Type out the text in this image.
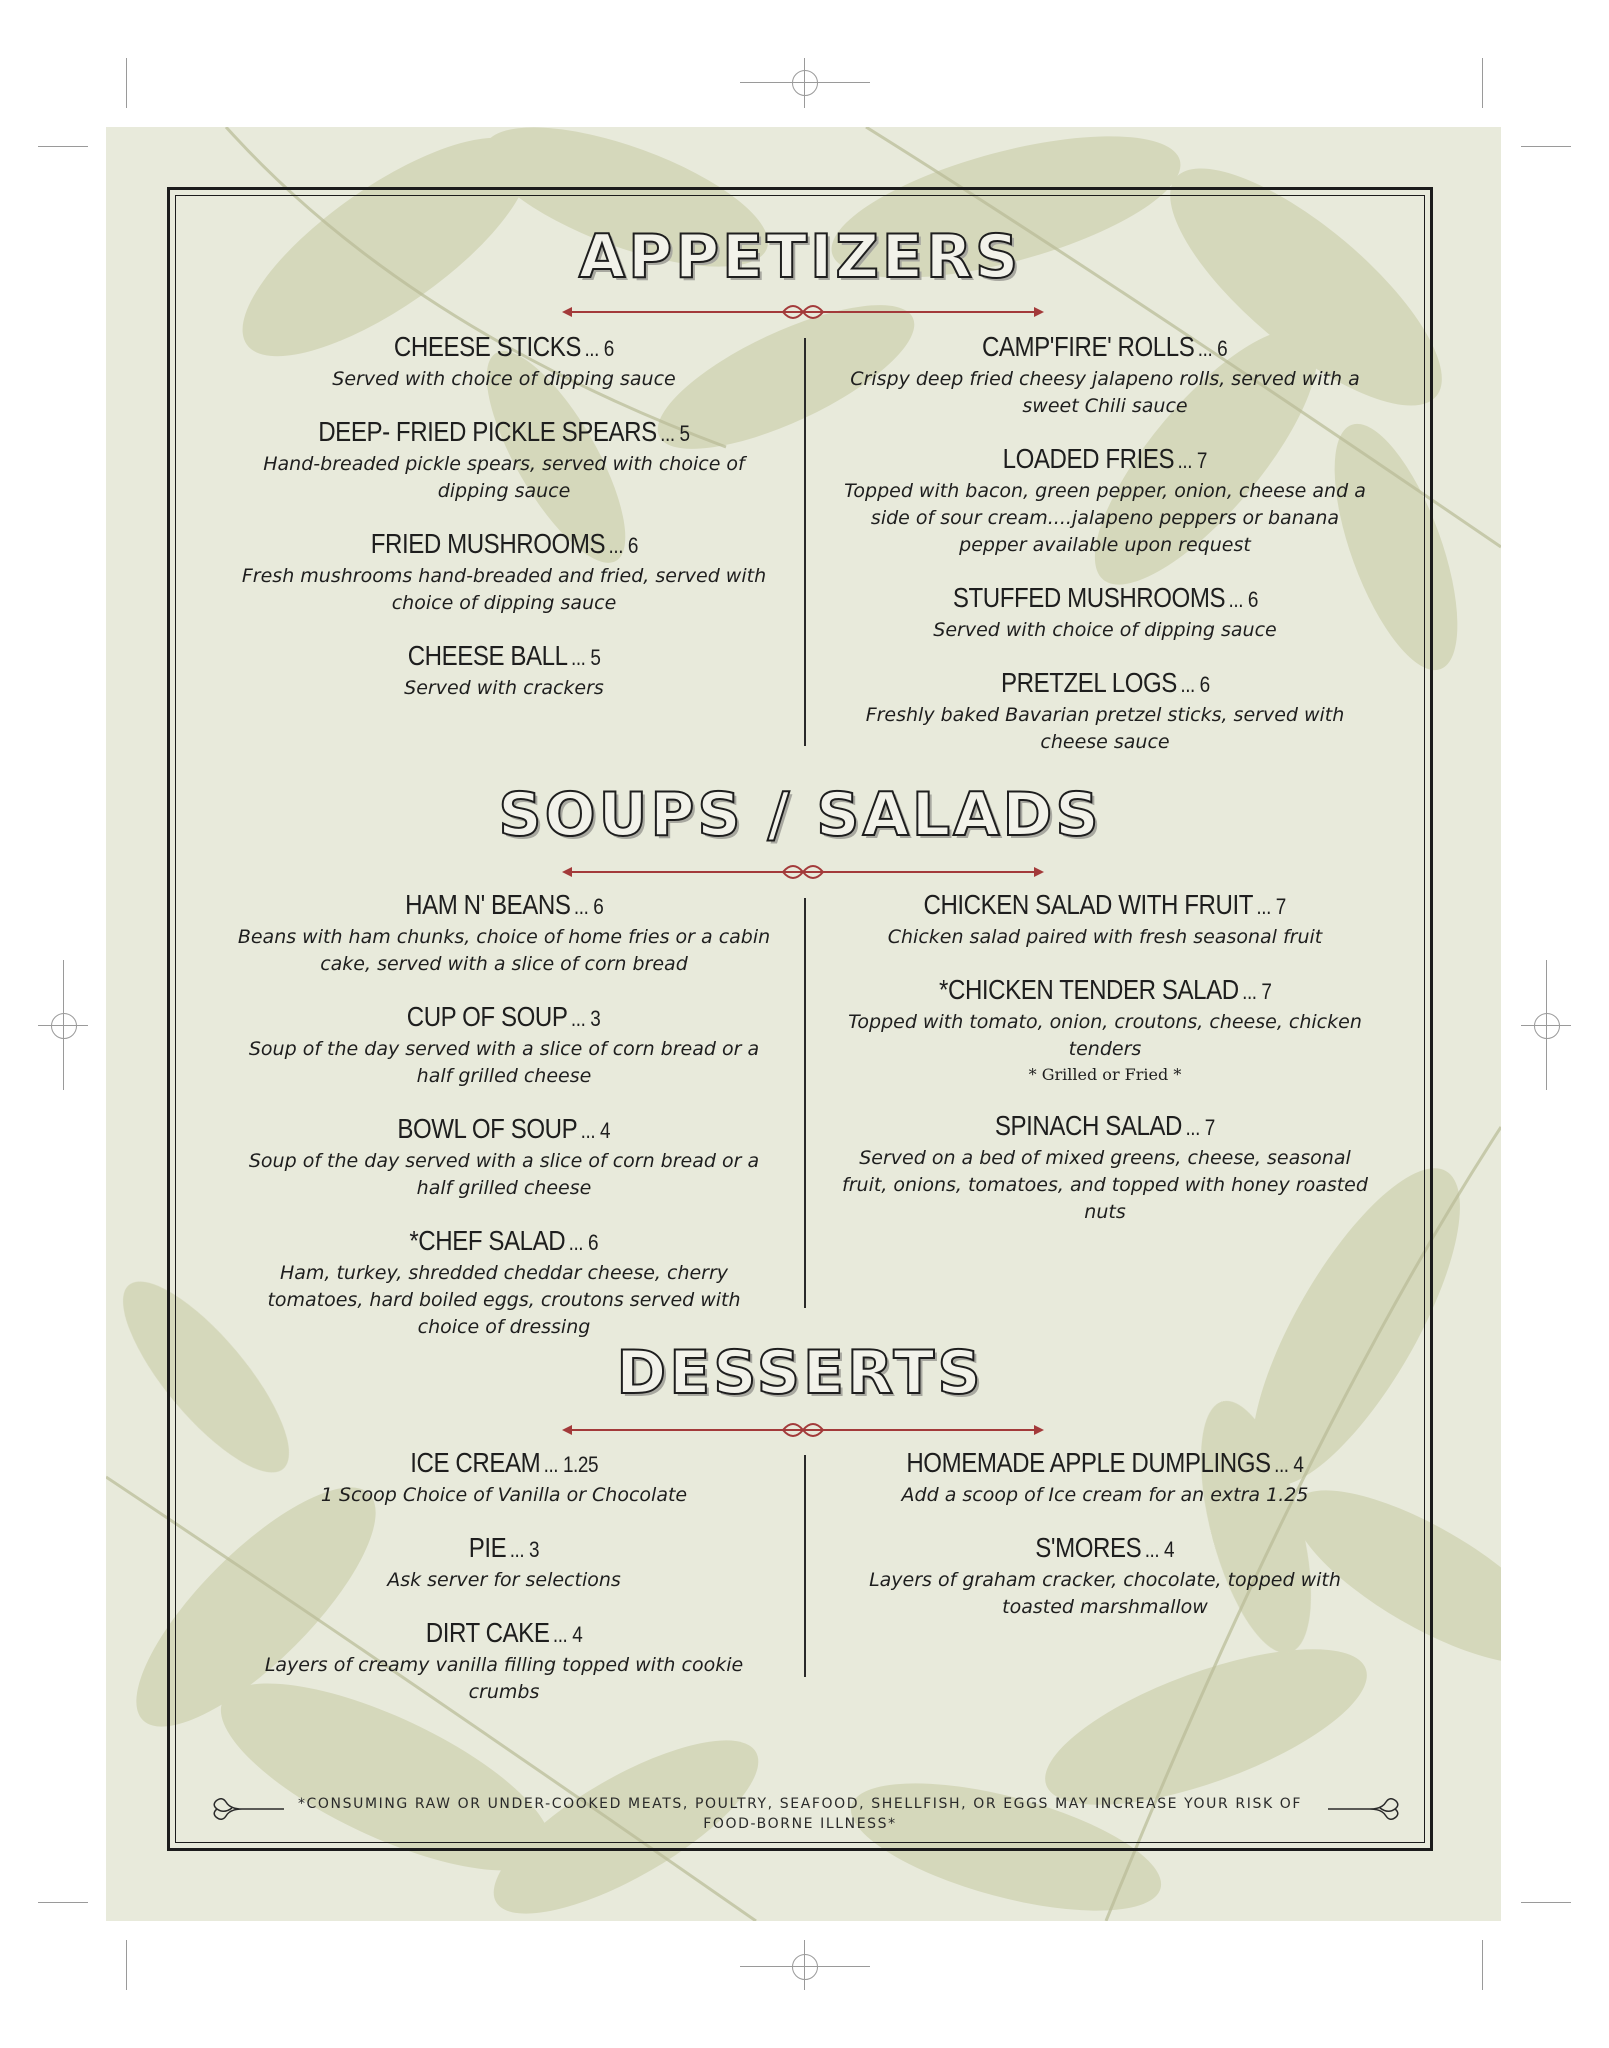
APPETIZERS
CHEESE STICKS ... 6
Served with choice of dipping sauce
DEEP- FRIED PICKLE SPEARS ... 5
Hand-breaded pickle spears, served with choice of dipping sauce
FRIED MUSHROOMS ... 6
Fresh mushrooms hand-breaded and fried, served with choice of dipping sauce
CHEESE BALL ... 5
Served with crackers
CAMP'FIRE' ROLLS ... 6
Crispy deep fried cheesy jalapeno rolls, served with a sweet Chili sauce
LOADED FRIES ... 7
Topped with bacon, green pepper, onion, cheese and a side of sour cream....jalapeno peppers or banana pepper available upon request
STUFFED MUSHROOMS ... 6
Served with choice of dipping sauce
PRETZEL LOGS ... 6
Freshly baked Bavarian pretzel sticks, served with cheese sauce
SOUPS / SALADS
HAM N' BEANS ... 6
Beans with ham chunks, choice of home fries or a cabin cake, served with a slice of corn bread
CUP OF SOUP ... 3
Soup of the day served with a slice of corn bread or a half grilled cheese
BOWL OF SOUP ... 4
Soup of the day served with a slice of corn bread or a half grilled cheese
*CHEF SALAD ... 6
Ham, turkey, shredded cheddar cheese, cherry tomatoes, hard boiled eggs, croutons served with choice of dressing
CHICKEN SALAD WITH FRUIT ... 7
Chicken salad paired with fresh seasonal fruit
*CHICKEN TENDER SALAD ... 7
Topped with tomato, onion, croutons, cheese, chicken tenders
* Grilled or Fried *
SPINACH SALAD ... 7
Served on a bed of mixed greens, cheese, seasonal fruit, onions, tomatoes, and topped with honey roasted nuts
DESSERTS
ICE CREAM ... 1.25
1 Scoop Choice of Vanilla or Chocolate
PIE ... 3
Ask server for selections
DIRT CAKE ... 4
Layers of creamy vanilla filling topped with cookie crumbs
HOMEMADE APPLE DUMPLINGS ... 4
Add a scoop of Ice cream for an extra 1.25
S'MORES ... 4
Layers of graham cracker, chocolate, topped with toasted marshmallow
*CONSUMING RAW OR UNDER-COOKED MEATS, POULTRY, SEAFOOD, SHELLFISH, OR EGGS MAY INCREASE YOUR RISK OF FOOD-BORNE ILLNESS*
